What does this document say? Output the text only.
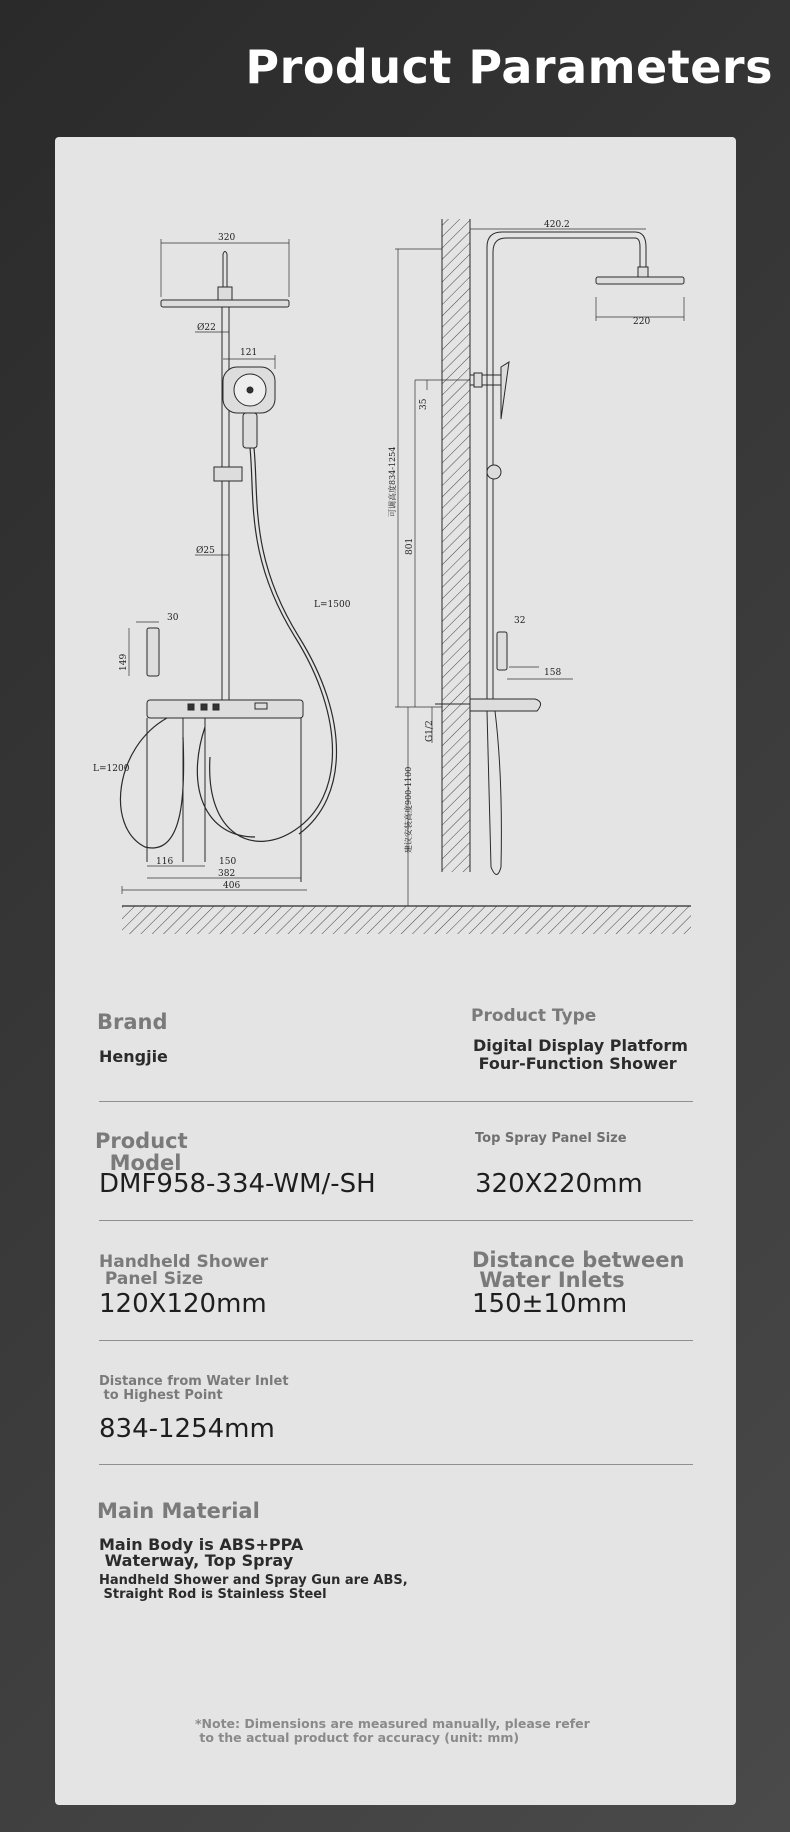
Product Parameters
320
Ø22
121
Ø25
L=1500
30
149
L=1200
116	150
382
406
420.2
220
可调高度834-1254
35
801
32
158
G1/2
建议安装高度900-1100
Brand
Hengjie
Product Type
Digital Display Platform
Four-Function Shower
Product
Model
DMF958-334-WM/-SH
Top Spray Panel Size
320X220mm
Handheld Shower
Panel Size
120X120mm
Distance between
Water Inlets
150±10mm
Distance from Water Inlet
to Highest Point
834-1254mm
Main Material
Main Body is ABS+PPA
Waterway, Top Spray
Handheld Shower and Spray Gun are ABS,
Straight Rod is Stainless Steel
*Note: Dimensions are measured manually, please refer
to the actual product for accuracy (unit: mm)
